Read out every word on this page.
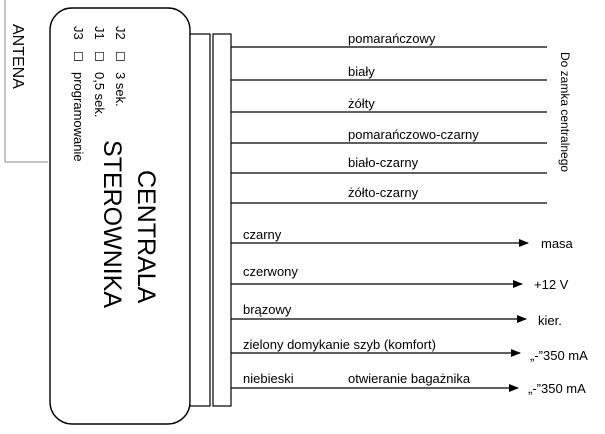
ANTENA	J2
☐
3 sek.
J1
☐
0,5 sek.
J3
☐
programowanie
CENTRALA
STEROWNIKA
pomarańczowy
biały
żółty
pomarańczowo-czarny
biało-czarny
żółto-czarny
Do zamka centralnego
czarny
masa
czerwony
+12 V
brązowy
kier.
zielony domykanie szyb (komfort)
„-”350 mA
niebieski	otwieranie bagażnika
„-”350 mA
